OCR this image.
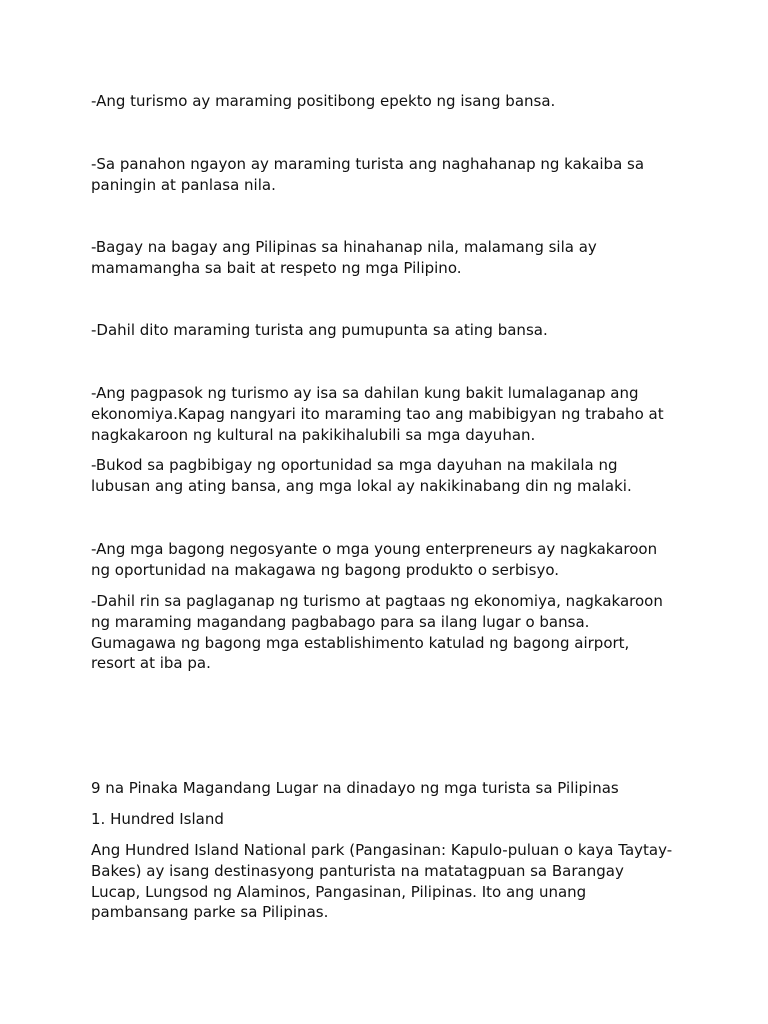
-Ang turismo ay maraming positibong epekto ng isang bansa.

-Sa panahon ngayon ay maraming turista ang naghahanap ng kakaiba sa
paningin at panlasa nila.

-Bagay na bagay ang Pilipinas sa hinahanap nila, malamang sila ay
mamamangha sa bait at respeto ng mga Pilipino.

-Dahil dito maraming turista ang pumupunta sa ating bansa.

-Ang pagpasok ng turismo ay isa sa dahilan kung bakit lumalaganap ang
ekonomiya.Kapag nangyari ito maraming tao ang mabibigyan ng trabaho at
nagkakaroon ng kultural na pakikihalubili sa mga dayuhan.

-Bukod sa pagbibigay ng oportunidad sa mga dayuhan na makilala ng
lubusan ang ating bansa, ang mga lokal ay nakikinabang din ng malaki.

-Ang mga bagong negosyante o mga young enterpreneurs ay nagkakaroon
ng oportunidad na makagawa ng bagong produkto o serbisyo.

-Dahil rin sa paglaganap ng turismo at pagtaas ng ekonomiya, nagkakaroon
ng maraming magandang pagbabago para sa ilang lugar o bansa.
Gumagawa ng bagong mga establishimento katulad ng bagong airport,
resort at iba pa.

9 na Pinaka Magandang Lugar na dinadayo ng mga turista sa Pilipinas

1. Hundred Island

Ang Hundred Island National park (Pangasinan: Kapulo-puluan o kaya Taytay-
Bakes) ay isang destinasyong panturista na matatagpuan sa Barangay
Lucap, Lungsod ng Alaminos, Pangasinan, Pilipinas. Ito ang unang
pambansang parke sa Pilipinas.
